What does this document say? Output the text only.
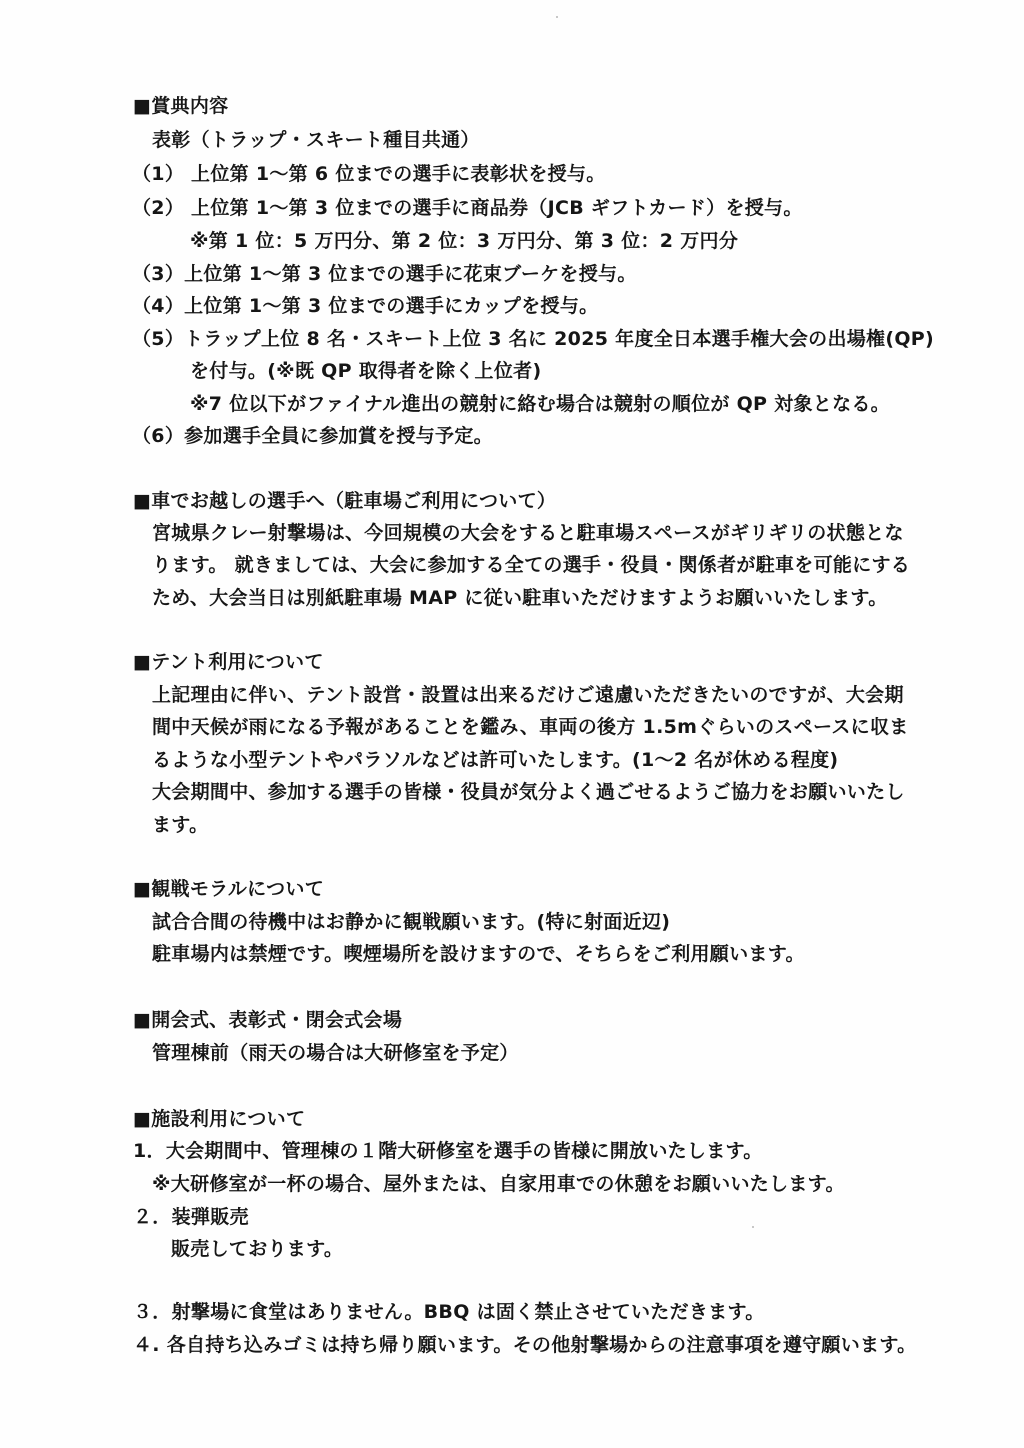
■賞典内容
表彰（トラップ・スキート種目共通）
（1） 上位第 1～第 6 位までの選手に表彰状を授与。
（2） 上位第 1～第 3 位までの選手に商品券（JCB ギフトカード）を授与。
※第 1 位：5 万円分、第 2 位：3 万円分、第 3 位：2 万円分
（3）上位第 1～第 3 位までの選手に花束ブーケを授与。
（4）上位第 1～第 3 位までの選手にカップを授与。
（5）トラップ上位 8 名・スキート上位 3 名に 2025 年度全日本選手権大会の出場権(QP)
を付与。(※既 QP 取得者を除く上位者)
※7 位以下がファイナル進出の競射に絡む場合は競射の順位が QP 対象となる。
（6）参加選手全員に参加賞を授与予定。
■車でお越しの選手へ（駐車場ご利用について）
宮城県クレー射撃場は、今回規模の大会をすると駐車場スペースがギリギリの状態とな
ります。 就きましては、大会に参加する全ての選手・役員・関係者が駐車を可能にする
ため、大会当日は別紙駐車場 MAP に従い駐車いただけますようお願いいたします。
■テント利用について
上記理由に伴い、テント設営・設置は出来るだけご遠慮いただきたいのですが、大会期
間中天候が雨になる予報があることを鑑み、車両の後方 1.5mぐらいのスペースに収ま
るような小型テントやパラソルなどは許可いたします。(1～2 名が休める程度)
大会期間中、参加する選手の皆様・役員が気分よく過ごせるようご協力をお願いいたし
ます。
■観戦モラルについて
試合合間の待機中はお静かに観戦願います。(特に射面近辺)
駐車場内は禁煙です。喫煙場所を設けますので、そちらをご利用願います。
■開会式、表彰式・閉会式会場
管理棟前（雨天の場合は大研修室を予定）
■施設利用について
1．大会期間中、管理棟の１階大研修室を選手の皆様に開放いたします。
※大研修室が一杯の場合、屋外または、自家用車での休憩をお願いいたします。
２．装弾販売
販売しております。
３．射撃場に食堂はありません。BBQ は固く禁止させていただきます。
４. 各自持ち込みゴミは持ち帰り願います。その他射撃場からの注意事項を遵守願います。
